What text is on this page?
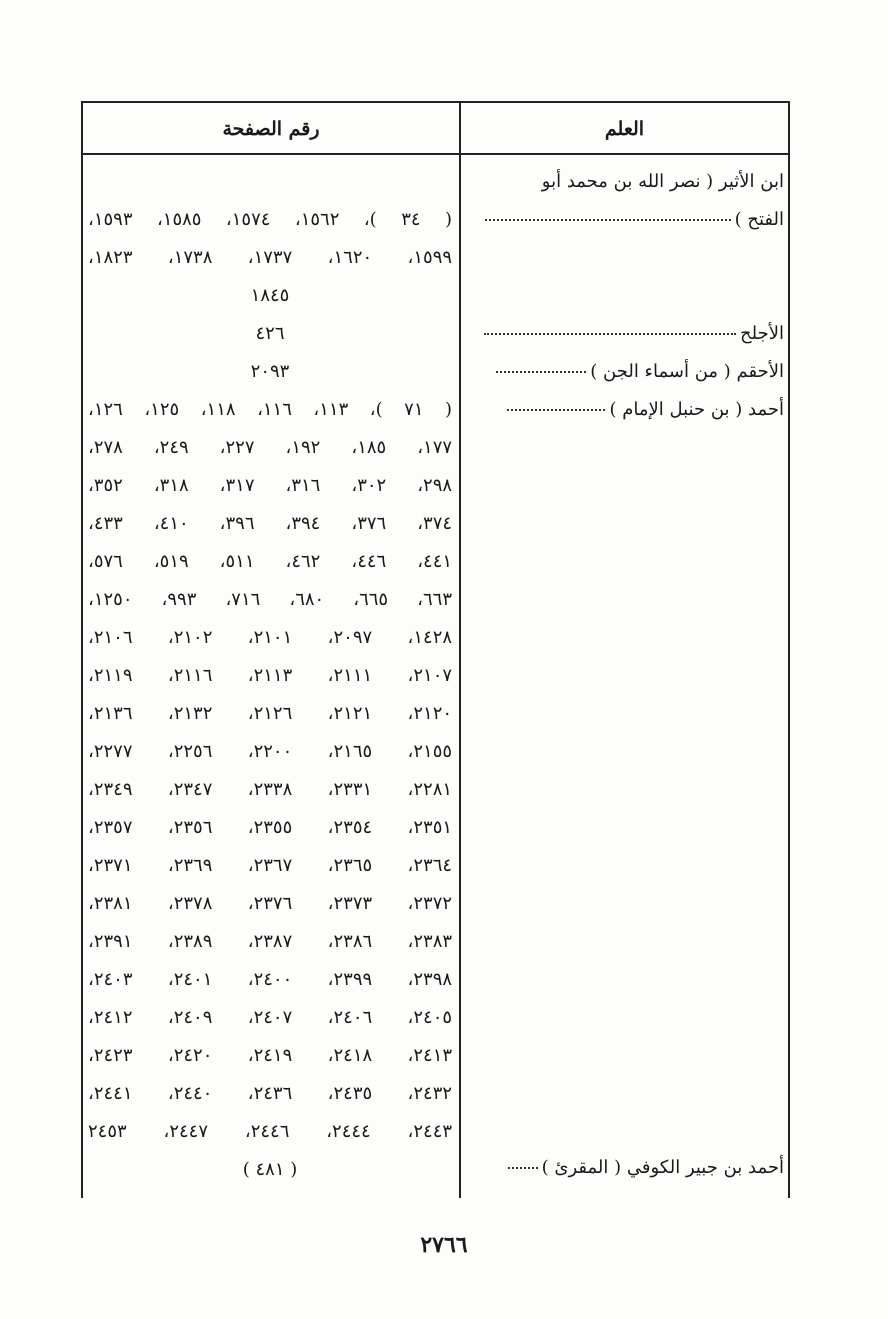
العلم
رقم الصفحة
ابن الأثير ( نصر الله بن محمد أبو
الفتح )
الأجلح
الأحقم ( من أسماء الجن )
أحمد ( بن حنبل الإمام )
أحمد بن جبير الكوفي ( المقرئ )
( ٣٤ )، ١٥٦٢، ١٥٧٤، ١٥٨٥، ١٥٩٣،
١٥٩٩، ١٦٢٠، ١٧٣٧، ١٧٣٨، ١٨٢٣،
١٨٤٥
٤٢٦
٢٠٩٣
( ٧١ )، ١١٣، ١١٦، ١١٨، ١٢٥، ١٢٦،
١٧٧، ١٨٥، ١٩٢، ٢٢٧، ٢٤٩، ٢٧٨،
٢٩٨، ٣٠٢، ٣١٦، ٣١٧، ٣١٨، ٣٥٢،
٣٧٤، ٣٧٦، ٣٩٤، ٣٩٦، ٤١٠، ٤٣٣،
٤٤١، ٤٤٦، ٤٦٢، ٥١١، ٥١٩، ٥٧٦،
٦٦٣، ٦٦٥، ٦٨٠، ٧١٦، ٩٩٣، ١٢٥٠،
١٤٢٨، ٢٠٩٧، ٢١٠١، ٢١٠٢، ٢١٠٦،
٢١٠٧، ٢١١١، ٢١١٣، ٢١١٦، ٢١١٩،
٢١٢٠، ٢١٢١، ٢١٢٦، ٢١٣٢، ٢١٣٦،
٢١٥٥، ٢١٦٥، ٢٢٠٠، ٢٢٥٦، ٢٢٧٧،
٢٢٨١، ٢٣٣١، ٢٣٣٨، ٢٣٤٧، ٢٣٤٩،
٢٣٥١، ٢٣٥٤، ٢٣٥٥، ٢٣٥٦، ٢٣٥٧،
٢٣٦٤، ٢٣٦٥، ٢٣٦٧، ٢٣٦٩، ٢٣٧١،
٢٣٧٢، ٢٣٧٣، ٢٣٧٦، ٢٣٧٨، ٢٣٨١،
٢٣٨٣، ٢٣٨٦، ٢٣٨٧، ٢٣٨٩، ٢٣٩١،
٢٣٩٨، ٢٣٩٩، ٢٤٠٠، ٢٤٠١، ٢٤٠٣،
٢٤٠٥، ٢٤٠٦، ٢٤٠٧، ٢٤٠٩، ٢٤١٢،
٢٤١٣، ٢٤١٨، ٢٤١٩، ٢٤٢٠، ٢٤٢٣،
٢٤٣٢، ٢٤٣٥، ٢٤٣٦، ٢٤٤٠، ٢٤٤١،
٢٤٤٣، ٢٤٤٤، ٢٤٤٦، ٢٤٤٧، ٢٤٥٣
( ٤٨١ )
٢٧٦٦
